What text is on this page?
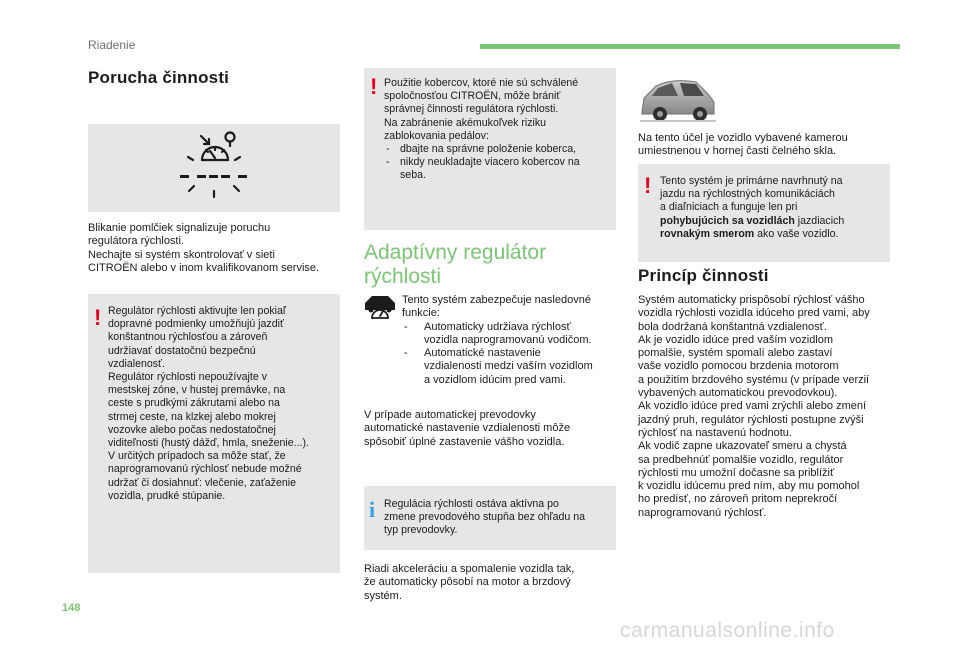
Riadenie
Porucha činnosti
Blikanie pomlčiek signalizuje poruchu
regulátora rýchlosti.
Nechajte si systém skontrolovať v sieti
CITROËN alebo v inom kvalifikovanom servise.
! Regulátor rýchlosti aktivujte len pokiaľ
dopravné podmienky umožňujú jazdiť
konštantnou rýchlosťou a zároveň
udržiavať dostatočnú bezpečnú
vzdialenosť.
Regulátor rýchlosti nepoužívajte v
mestskej zóne, v hustej premávke, na
ceste s prudkými zákrutami alebo na
strmej ceste, na klzkej alebo mokrej
vozovke alebo počas nedostatočnej
viditeľnosti (hustý dážď, hmla, sneženie...).
V určitých prípadoch sa môže stať, že
naprogramovanú rýchlosť nebude možné
udržať či dosiahnuť: vlečenie, zaťaženie
vozidla, prudké stúpanie.
! Použitie kobercov, ktoré nie sú schválené
spoločnosťou CITROËN, môže brániť
správnej činnosti regulátora rýchlosti.
Na zabránenie akémukoľvek riziku
zablokovania pedálov:
- dbajte na správne položenie koberca,
- nikdy neukladajte viacero kobercov na
seba.
Adaptívny regulátor
rýchlosti
Tento systém zabezpečuje nasledovné
funkcie:
- Automaticky udržiava rýchlosť
vozidla naprogramovanú vodičom.
- Automatické nastavenie
vzdialenosti medzi vaším vozidlom
a vozidlom idúcim pred vami.
V prípade automatickej prevodovky
automatické nastavenie vzdialenosti môže
spôsobiť úplné zastavenie vášho vozidla.
i Regulácia rýchlosti ostáva aktívna po
zmene prevodového stupňa bez ohľadu na
typ prevodovky.
Riadi akceleráciu a spomalenie vozidla tak,
že automaticky pôsobí na motor a brzdový
systém.
Na tento účel je vozidlo vybavené kamerou
umiestnenou v hornej časti čelného skla.
! Tento systém je primárne navrhnutý na
jazdu na rýchlostných komunikáciách
a diaľniciach a funguje len pri
pohybujúcich sa vozidlách jazdiacich
rovnakým smerom ako vaše vozidlo.
Princíp činnosti
Systém automaticky prispôsobí rýchlosť vášho
vozidla rýchlosti vozidla idúceho pred vami, aby
bola dodržaná konštantná vzdialenosť.
Ak je vozidlo idúce pred vaším vozidlom
pomalšie, systém spomalí alebo zastaví
vaše vozidlo pomocou brzdenia motorom
a použitím brzdového systému (v prípade verzií
vybavených automatickou prevodovkou).
Ak vozidlo idúce pred vami zrýchli alebo zmení
jazdný pruh, regulátor rýchlosti postupne zvýši
rýchlosť na nastavenú hodnotu.
Ak vodič zapne ukazovateľ smeru a chystá
sa predbehnúť pomalšie vozidlo, regulátor
rýchlosti mu umožní dočasne sa priblížiť
k vozidlu idúcemu pred ním, aby mu pomohol
ho predísť, no zároveň pritom neprekročí
naprogramovanú rýchlosť.
148
carmanualsonline.info
